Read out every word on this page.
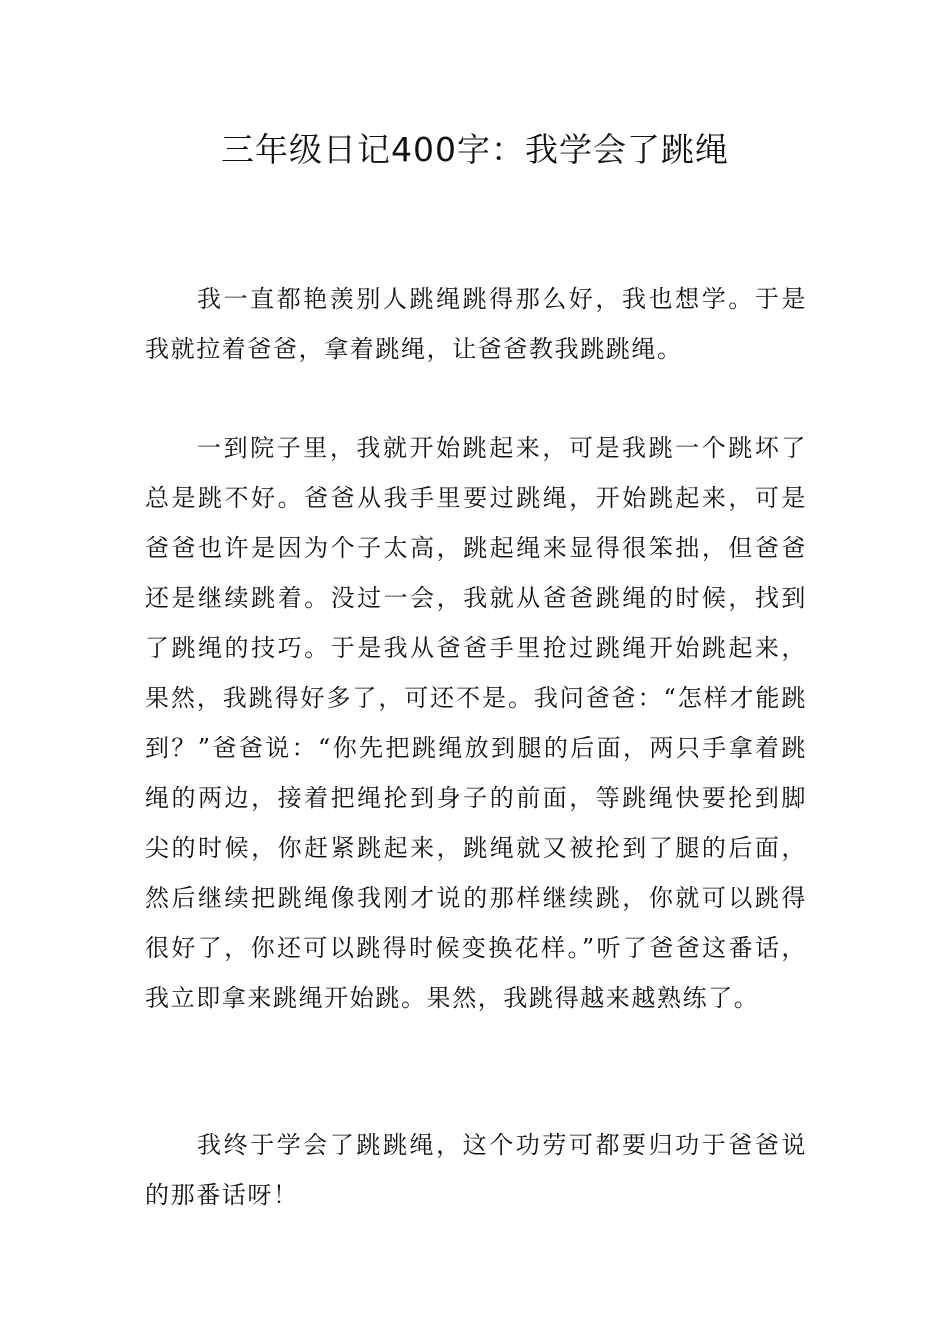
三年级日记400字：我学会了跳绳

我一直都艳羡别人跳绳跳得那么好，我也想学。于是我就拉着爸爸，拿着跳绳，让爸爸教我跳跳绳。

一到院子里，我就开始跳起来，可是我跳一个跳坏了总是跳不好。爸爸从我手里要过跳绳，开始跳起来，可是爸爸也许是因为个子太高，跳起绳来显得很笨拙，但爸爸还是继续跳着。没过一会，我就从爸爸跳绳的时候，找到了跳绳的技巧。于是我从爸爸手里抢过跳绳开始跳起来，果然，我跳得好多了，可还不是。我问爸爸：“怎样才能跳到？”爸爸说：“你先把跳绳放到腿的后面，两只手拿着跳绳的两边，接着把绳抡到身子的前面，等跳绳快要抡到脚尖的时候，你赶紧跳起来，跳绳就又被抡到了腿的后面，然后继续把跳绳像我刚才说的那样继续跳，你就可以跳得很好了，你还可以跳得时候变换花样。”听了爸爸这番话，我立即拿来跳绳开始跳。果然，我跳得越来越熟练了。

我终于学会了跳跳绳，这个功劳可都要归功于爸爸说的那番话呀！
